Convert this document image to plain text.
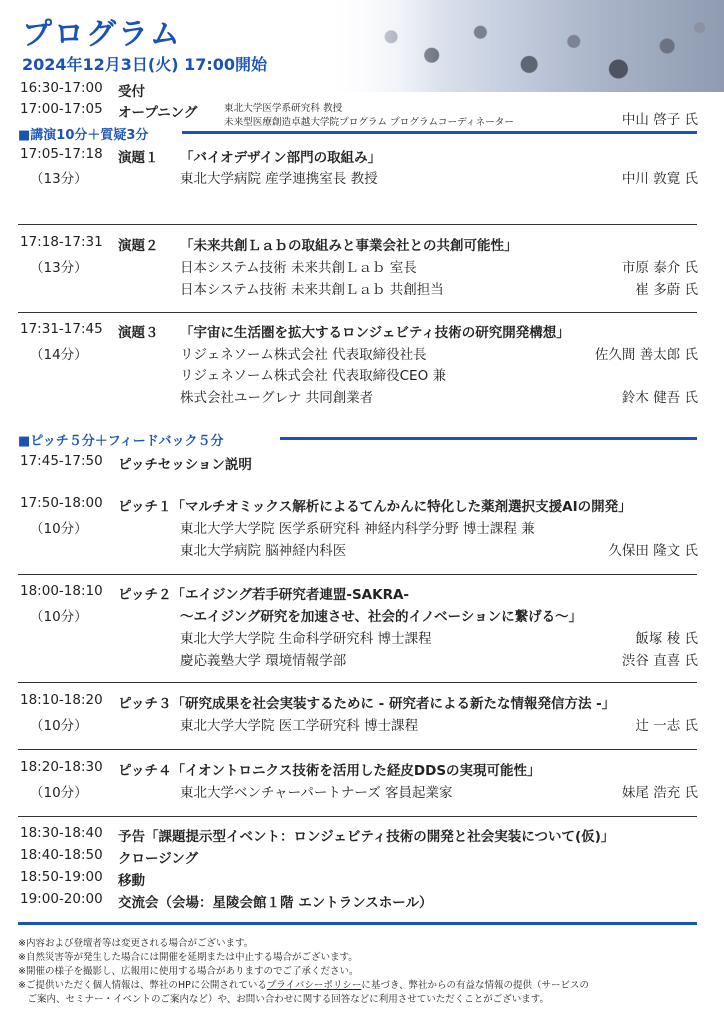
プログラム
2024年12月3日(火) 17:00開始
16:30-17:00 受付
17:00-17:05 オープニング	東北大学医学系研究科 教授
未来型医療創造卓越大学院プログラム プログラムコーディネーター	中山 啓子 氏
■講演10分＋質疑3分
17:05-17:18 演題１ 「バイオデザイン部門の取組み」
（13分）	東北大学病院 産学連携室長 教授	中川 敦寛 氏
17:18-17:31 演題２ 「未来共創Ｌａｂの取組みと事業会社との共創可能性」
（13分）	日本システム技術 未来共創Ｌａｂ 室長	市原 泰介 氏
日本システム技術 未来共創Ｌａｂ 共創担当	崔 多蔚 氏
17:31-17:45 演題３ 「宇宙に生活圏を拡大するロンジェビティ技術の研究開発構想」
（14分）	リジェネソーム株式会社 代表取締役社長	佐久間 善太郎 氏
リジェネソーム株式会社 代表取締役CEO 兼
株式会社ユーグレナ 共同創業者	鈴木 健吾 氏
■ピッチ５分＋フィードバック５分
17:45-17:50 ピッチセッション説明
17:50-18:00 ピッチ１「マルチオミックス解析によるてんかんに特化した薬剤選択支援AIの開発」
（10分）	東北大学大学院 医学系研究科 神経内科学分野 博士課程 兼
東北大学病院 脳神経内科医	久保田 隆文 氏
18:00-18:10 ピッチ２「エイジング若手研究者連盟-SAKRA-
（10分）	～エイジング研究を加速させ、社会的イノベーションに繋げる～」
東北大学大学院 生命科学研究科 博士課程	飯塚 稜 氏
慶応義塾大学 環境情報学部	渋谷 直喜 氏
18:10-18:20 ピッチ３「研究成果を社会実装するために - 研究者による新たな情報発信方法 -」
（10分）	東北大学大学院 医工学研究科 博士課程	辻 一志 氏
18:20-18:30 ピッチ４「イオントロニクス技術を活用した経皮DDSの実現可能性」
（10分）	東北大学ベンチャーパートナーズ 客員起業家	妹尾 浩充 氏
18:30-18:40 予告「課題提示型イベント：ロンジェビティ技術の開発と社会実装について(仮)」
18:40-18:50 クロージング
18:50-19:00 移動
19:00-20:00 交流会（会場：星陵会館１階 エントランスホール）
※内容および登壇者等は変更される場合がございます。
※自然災害等が発生した場合には開催を延期または中止する場合がございます。
※開催の様子を撮影し、広報用に使用する場合がありますのでご了承ください。
※ご提供いただく個人情報は、弊社のHPに公開されているプライバシーポリシーに基づき、弊社からの有益な情報の提供（サービスの
　ご案内、セミナー・イベントのご案内など）や、お問い合わせに関する回答などに利用させていただくことがございます。
